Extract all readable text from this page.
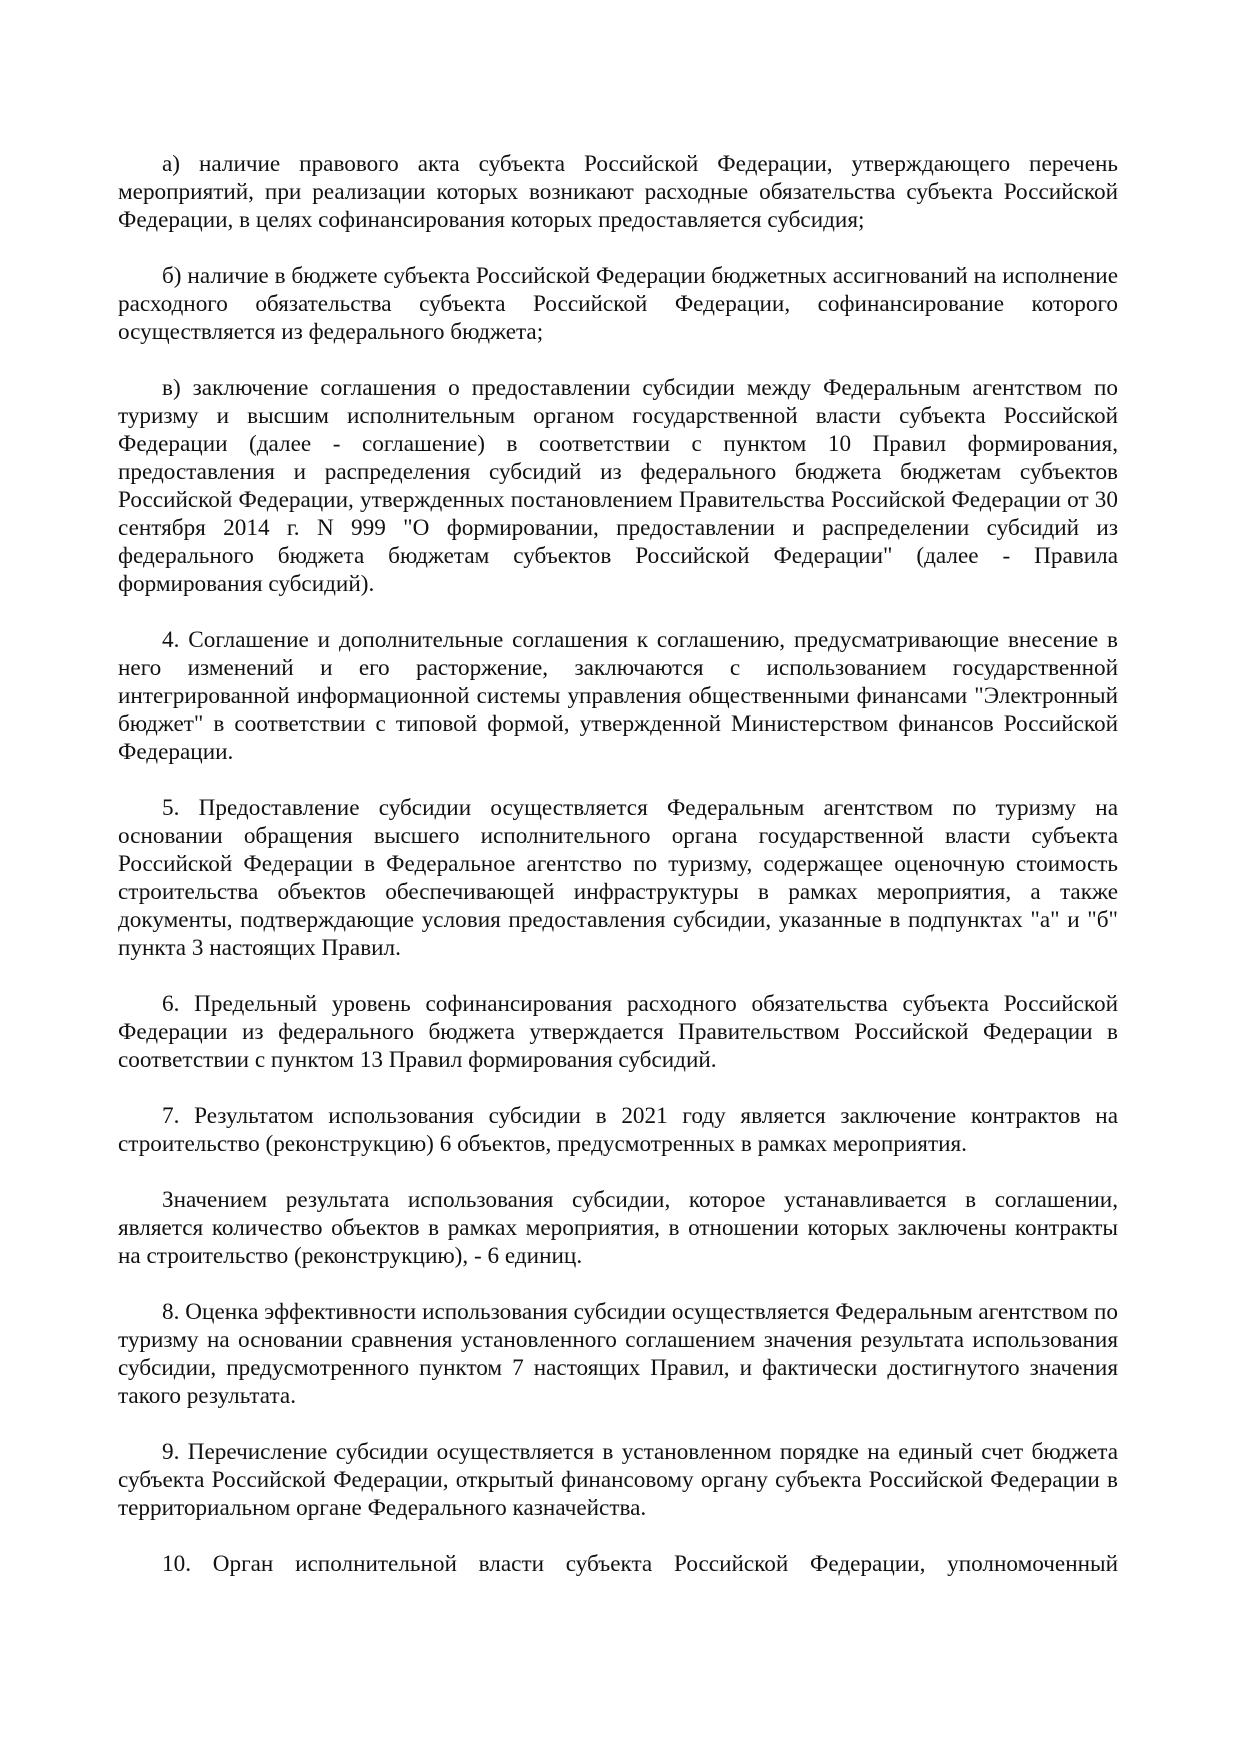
а) наличие правового акта субъекта Российской Федерации, утверждающего перечень мероприятий, при реализации которых возникают расходные обязательства субъекта Российской Федерации, в целях софинансирования которых предоставляется субсидия;

б) наличие в бюджете субъекта Российской Федерации бюджетных ассигнований на исполнение расходного обязательства субъекта Российской Федерации, софинансирование которого осуществляется из федерального бюджета;

в) заключение соглашения о предоставлении субсидии между Федеральным агентством по туризму и высшим исполнительным органом государственной власти субъекта Российской Федерации (далее - соглашение) в соответствии с пунктом 10 Правил формирования, предоставления и распределения субсидий из федерального бюджета бюджетам субъектов Российской Федерации, утвержденных постановлением Правительства Российской Федерации от 30 сентября 2014 г. N 999 "О формировании, предоставлении и распределении субсидий из федерального бюджета бюджетам субъектов Российской Федерации" (далее - Правила формирования субсидий).

4. Соглашение и дополнительные соглашения к соглашению, предусматривающие внесение в него изменений и его расторжение, заключаются с использованием государственной интегрированной информационной системы управления общественными финансами "Электронный бюджет" в соответствии с типовой формой, утвержденной Министерством финансов Российской Федерации.

5. Предоставление субсидии осуществляется Федеральным агентством по туризму на основании обращения высшего исполнительного органа государственной власти субъекта Российской Федерации в Федеральное агентство по туризму, содержащее оценочную стоимость строительства объектов обеспечивающей инфраструктуры в рамках мероприятия, а также документы, подтверждающие условия предоставления субсидии, указанные в подпунктах "а" и "б" пункта 3 настоящих Правил.

6. Предельный уровень софинансирования расходного обязательства субъекта Российской Федерации из федерального бюджета утверждается Правительством Российской Федерации в соответствии с пунктом 13 Правил формирования субсидий.

7. Результатом использования субсидии в 2021 году является заключение контрактов на строительство (реконструкцию) 6 объектов, предусмотренных в рамках мероприятия.

Значением результата использования субсидии, которое устанавливается в соглашении, является количество объектов в рамках мероприятия, в отношении которых заключены контракты на строительство (реконструкцию), - 6 единиц.

8. Оценка эффективности использования субсидии осуществляется Федеральным агентством по туризму на основании сравнения установленного соглашением значения результата использования субсидии, предусмотренного пунктом 7 настоящих Правил, и фактически достигнутого значения такого результата.

9. Перечисление субсидии осуществляется в установленном порядке на единый счет бюджета субъекта Российской Федерации, открытый финансовому органу субъекта Российской Федерации в территориальном органе Федерального казначейства.

10. Орган исполнительной власти субъекта Российской Федерации, уполномоченный
